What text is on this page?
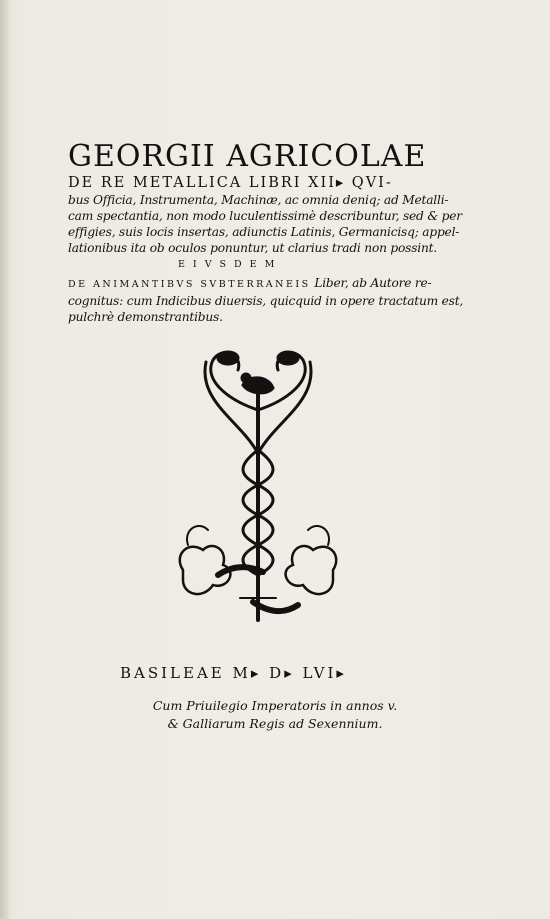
GEORGII AGRICOLAE
DE RE METALLICA LIBRI XII▸ QVI-
bus Officia, Instrumenta, Machinæ, ac omnia deniq; ad Metalli-
cam spectantia, non modo luculentissimè describuntur, sed & per
effigies, suis locis insertas, adiunctis Latinis, Germanicisq; appel-
lationibus ita ob oculos ponuntur, ut clarius tradi non possint.
EIVSDEM
DE ANIMANTIBVS SVBTERRANEIS Liber, ab Autore re-
cognitus: cum Indicibus diuersis, quicquid in opere tractatum est,
pulchrè demonstrantibus.
BASILEAE M▸ D▸ LVI▸
Cum Priuilegio Imperatoris in annos v.
& Galliarum Regis ad Sexennium.
